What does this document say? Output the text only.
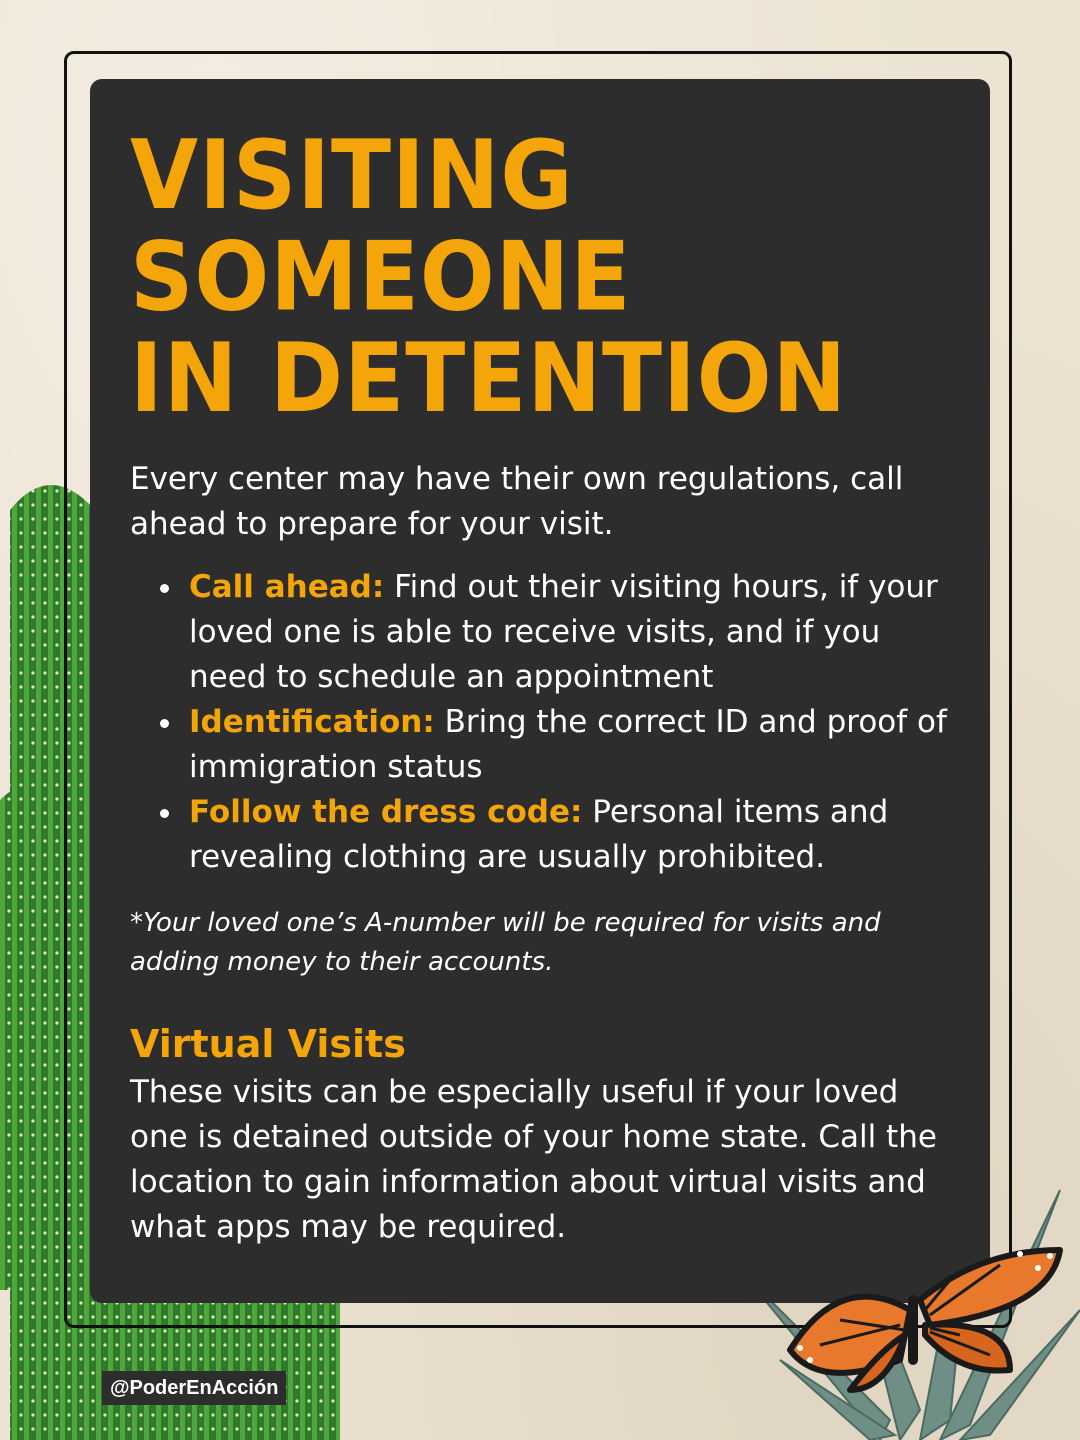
VISITING SOMEONE
IN DETENTION

Every center may have their own regulations, call ahead to prepare for your visit.

Call ahead: Find out their visiting hours, if your loved one is able to receive visits, and if you need to schedule an appointment
Identification: Bring the correct ID and proof of immigration status
Follow the dress code: Personal items and revealing clothing are usually prohibited.

*Your loved one’s A-number will be required for visits and adding money to their accounts.

Virtual Visits

These visits can be especially useful if your loved one is detained outside of your home state. Call the location to gain information about virtual visits and what apps may be required.

@PoderEnAcción
